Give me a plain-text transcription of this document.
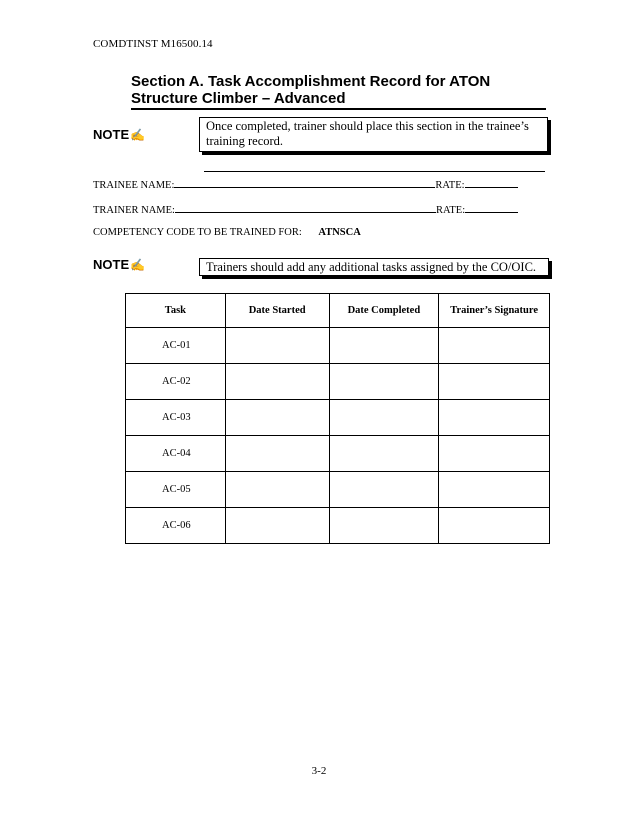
COMDTINST M16500.14
Section A. Task Accomplishment Record for ATON
Structure Climber – Advanced
NOTE ✍
Once completed, trainer should place this section in the trainee’s training record.
TRAINEE NAME:	RATE:
TRAINER NAME:	RATE:
COMPETENCY CODE TO BE TRAINED FOR: ATNSCA
NOTE ✍	Trainers should add any additional tasks assigned by the CO/OIC.
Task	Date Started	Date Completed	Trainer’s Signature
AC-01			
AC-02			
AC-03			
AC-04			
AC-05			
AC-06			
3-2
